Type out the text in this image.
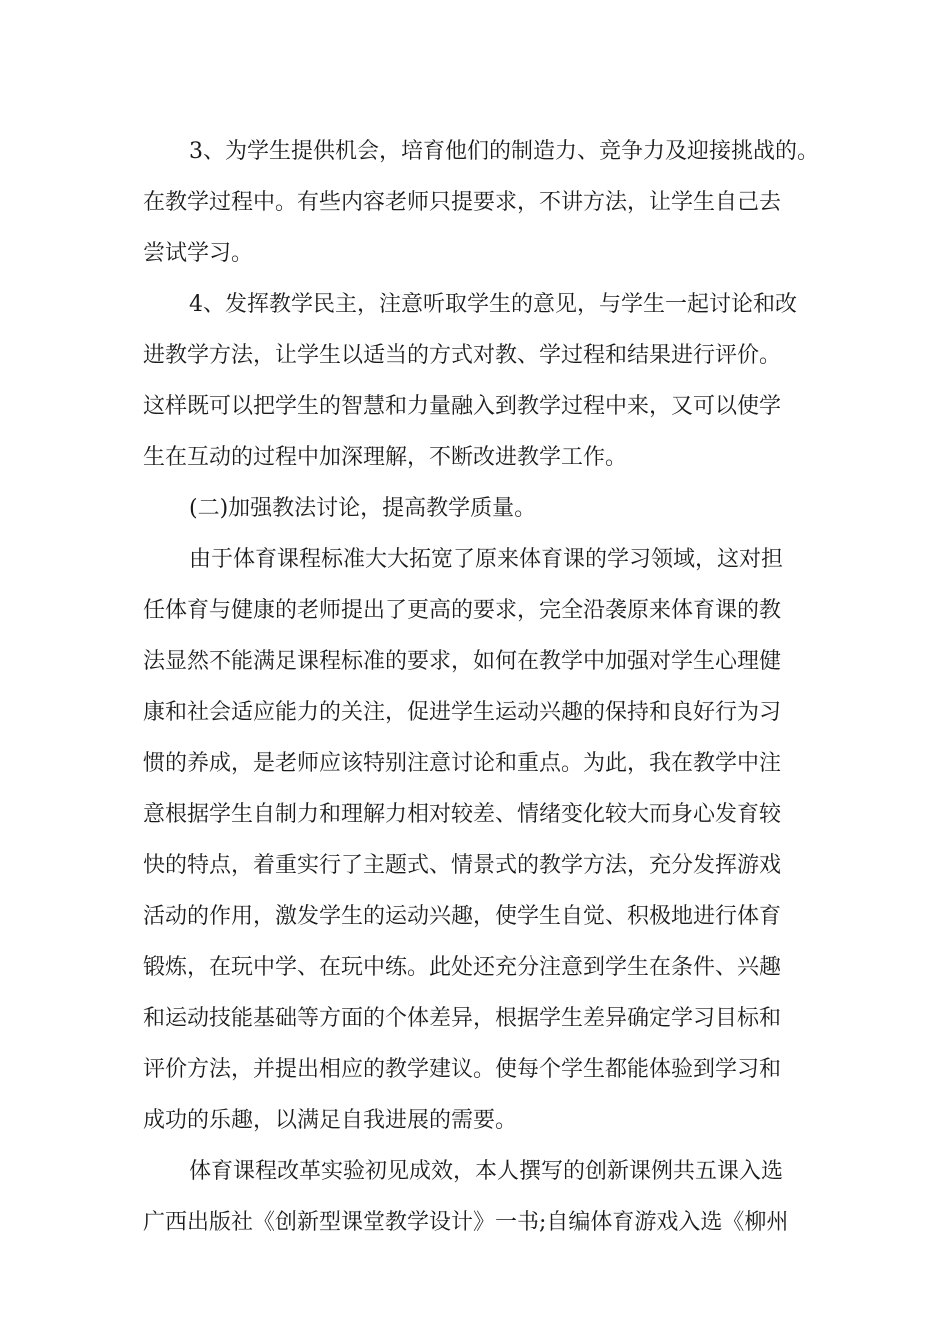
3、为学生提供机会，培育他们的制造力、竞争力及迎接挑战的。
在教学过程中。有些内容老师只提要求，不讲方法，让学生自己去
尝试学习。
4、发挥教学民主，注意听取学生的意见，与学生一起讨论和改
进教学方法，让学生以适当的方式对教、学过程和结果进行评价。
这样既可以把学生的智慧和力量融入到教学过程中来，又可以使学
生在互动的过程中加深理解，不断改进教学工作。
(二)加强教法讨论，提高教学质量。
由于体育课程标准大大拓宽了原来体育课的学习领域，这对担
任体育与健康的老师提出了更高的要求，完全沿袭原来体育课的教
法显然不能满足课程标准的要求，如何在教学中加强对学生心理健
康和社会适应能力的关注，促进学生运动兴趣的保持和良好行为习
惯的养成，是老师应该特别注意讨论和重点。为此，我在教学中注
意根据学生自制力和理解力相对较差、情绪变化较大而身心发育较
快的特点，着重实行了主题式、情景式的教学方法，充分发挥游戏
活动的作用，激发学生的运动兴趣，使学生自觉、积极地进行体育
锻炼，在玩中学、在玩中练。此处还充分注意到学生在条件、兴趣
和运动技能基础等方面的个体差异，根据学生差异确定学习目标和
评价方法，并提出相应的教学建议。使每个学生都能体验到学习和
成功的乐趣，以满足自我进展的需要。
体育课程改革实验初见成效，本人撰写的创新课例共五课入选
广西出版社《创新型课堂教学设计》一书;自编体育游戏入选《柳州
